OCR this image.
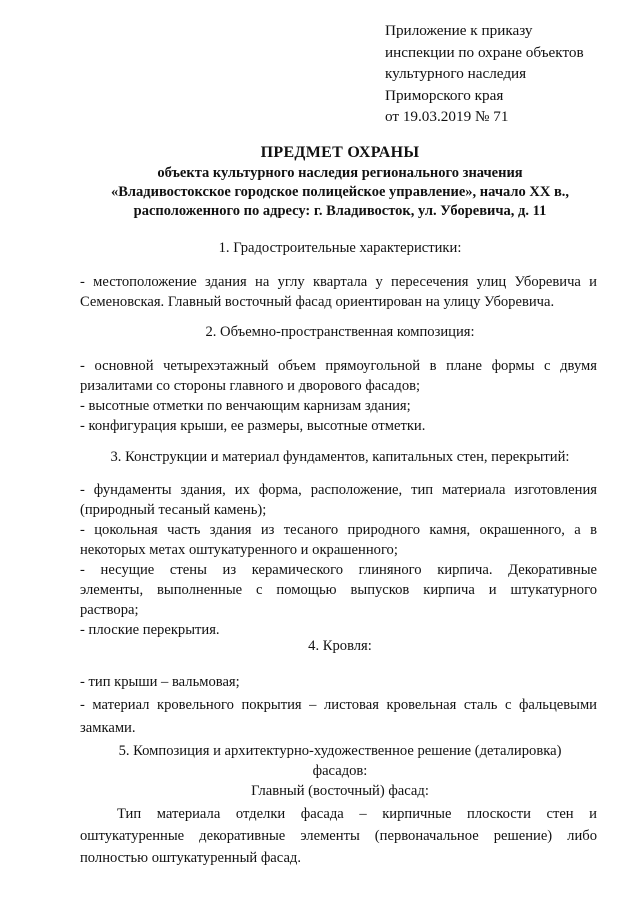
Приложение к приказу
инспекции по охране объектов
культурного наследия
Приморского края
от 19.03.2019 № 71
ПРЕДМЕТ ОХРАНЫ
объекта культурного наследия регионального значения
«Владивостокское городское полицейское управление», начало XX в.,
расположенного по адресу: г. Владивосток, ул. Уборевича, д. 11
1. Градостроительные характеристики:
- местоположение здания на углу квартала у пересечения улиц Уборевича и
Семеновская. Главный восточный фасад ориентирован на улицу Уборевича.
2. Объемно-пространственная композиция:
- основной четырехэтажный объем прямоугольной в плане формы с двумя
ризалитами со стороны главного и дворового фасадов;
- высотные отметки по венчающим карнизам здания;
- конфигурация крыши, ее размеры, высотные отметки.
3. Конструкции и материал фундаментов, капитальных стен, перекрытий:
- фундаменты здания, их форма, расположение, тип материала изготовления
(природный тесаный камень);
- цокольная часть здания из тесаного природного камня, окрашенного, а в
некоторых метах оштукатуренного и окрашенного;
- несущие стены из керамического глиняного кирпича. Декоративные
элементы, выполненные с помощью выпусков кирпича и штукатурного
раствора;
- плоские перекрытия.
4. Кровля:
- тип крыши – вальмовая;
- материал кровельного покрытия – листовая кровельная сталь с фальцевыми
замками.
5. Композиция и архитектурно-художественное решение (деталировка)
фасадов:
Главный (восточный) фасад:
Тип материала отделки фасада – кирпичные плоскости стен и
оштукатуренные декоративные элементы (первоначальное решение) либо
полностью оштукатуренный фасад.
